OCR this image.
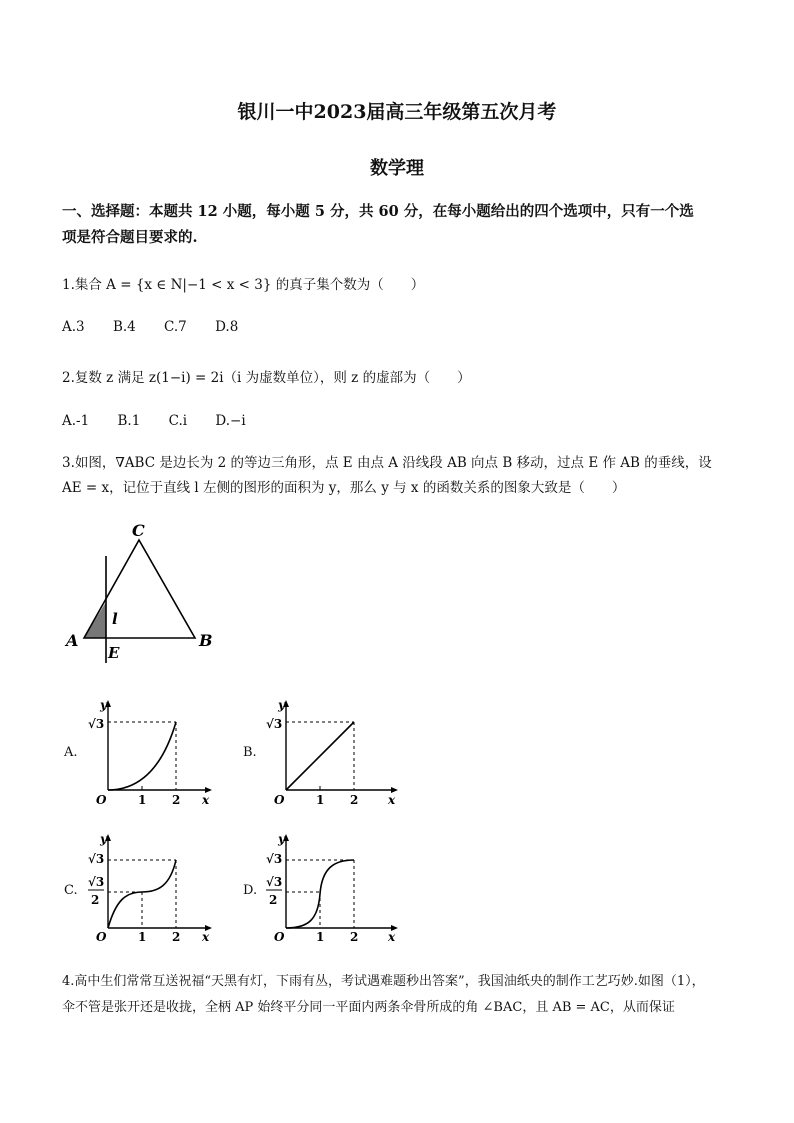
银川一中2023届高三年级第五次月考
数学理
一、选择题：本题共 12 小题，每小题 5 分，共 60 分，在每小题给出的四个选项中，只有一个选
项是符合题目要求的.
1.集合 A = {x ∈ N|−1 < x < 3} 的真子集个数为（　　）
A.3 B.4 C.7 D.8
2.复数 z 满足 z(1−i) = 2i（i 为虚数单位），则 z 的虚部为（　　）
A.-1 B.1 C.i D.−i
3.如图，∇ABC 是边长为 2 的等边三角形，点 E 由点 A 沿线段 AB 向点 B 移动，过点 E 作 AB 的垂线，设
AE = x，记位于直线 l 左侧的图形的面积为 y，那么 y 与 x 的函数关系的图象大致是（　　）
C
A	B
E
l
A.	B.
C.	D.
y
√3
O	1 2 x
y
√3
O	1 2 x
y
√3
√3
2
O	1 2 x
y
√3
√3
2
O	1 2 x
4.高中生们常常互送祝福“天黑有灯，下雨有丛，考试遇难题秒出答案”，我国油纸央的制作工艺巧妙.如图（1），
伞不管是张开还是收拢，全柄 AP 始终平分同一平面内两条伞骨所成的角 ∠BAC，且 AB = AC，从而保证
